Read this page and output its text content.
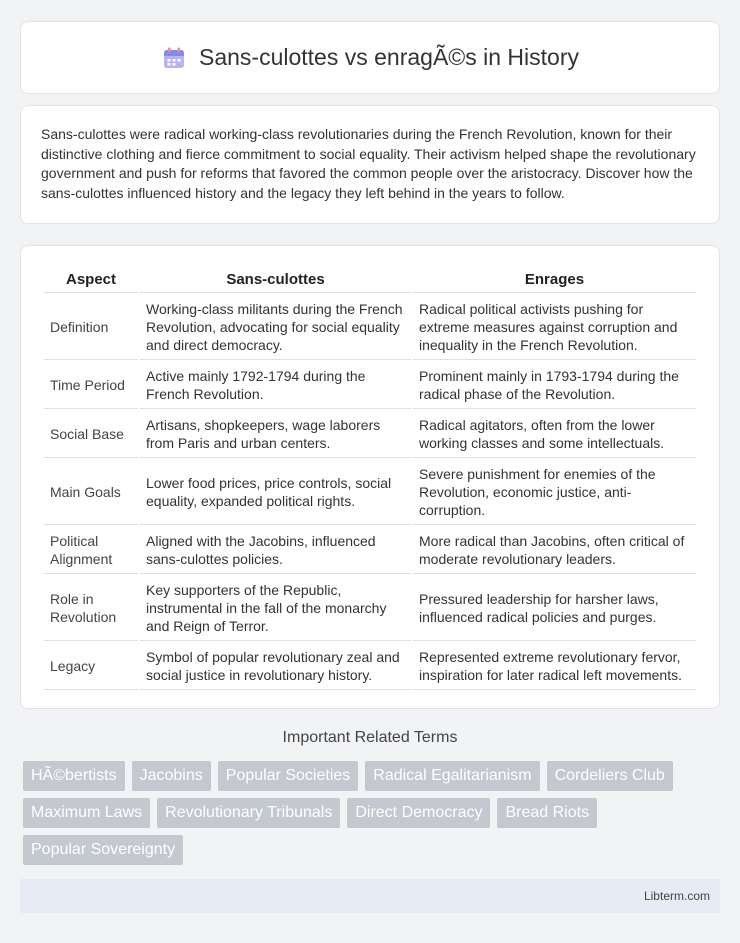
Sans-culottes vs enragÃ©s in History
Sans-culottes were radical working-class revolutionaries during the French Revolution, known for their distinctive clothing and fierce commitment to social equality. Their activism helped shape the revolutionary government and push for reforms that favored the common people over the aristocracy. Discover how the sans-culottes influenced history and the legacy they left behind in the years to follow.
Aspect	Sans-culottes	Enrages
Definition	Working-class militants during the French Revolution, advocating for social equality and direct democracy.	Radical political activists pushing for extreme measures against corruption and inequality in the French Revolution.
Time Period	Active mainly 1792-1794 during the French Revolution.	Prominent mainly in 1793-1794 during the radical phase of the Revolution.
Social Base	Artisans, shopkeepers, wage laborers from Paris and urban centers.	Radical agitators, often from the lower working classes and some intellectuals.
Main Goals	Lower food prices, price controls, social equality, expanded political rights.	Severe punishment for enemies of the Revolution, economic justice, anti-corruption.
Political Alignment	Aligned with the Jacobins, influenced sans-culottes policies.	More radical than Jacobins, often critical of moderate revolutionary leaders.
Role in Revolution	Key supporters of the Republic, instrumental in the fall of the monarchy and Reign of Terror.	Pressured leadership for harsher laws, influenced radical policies and purges.
Legacy	Symbol of popular revolutionary zeal and social justice in revolutionary history.	Represented extreme revolutionary fervor, inspiration for later radical left movements.
Important Related Terms
HÃ©bertists	Jacobins	Popular Societies	Radical Egalitarianism	Cordeliers Club
Maximum Laws	Revolutionary Tribunals	Direct Democracy	Bread Riots
Popular Sovereignty
Libterm.com
